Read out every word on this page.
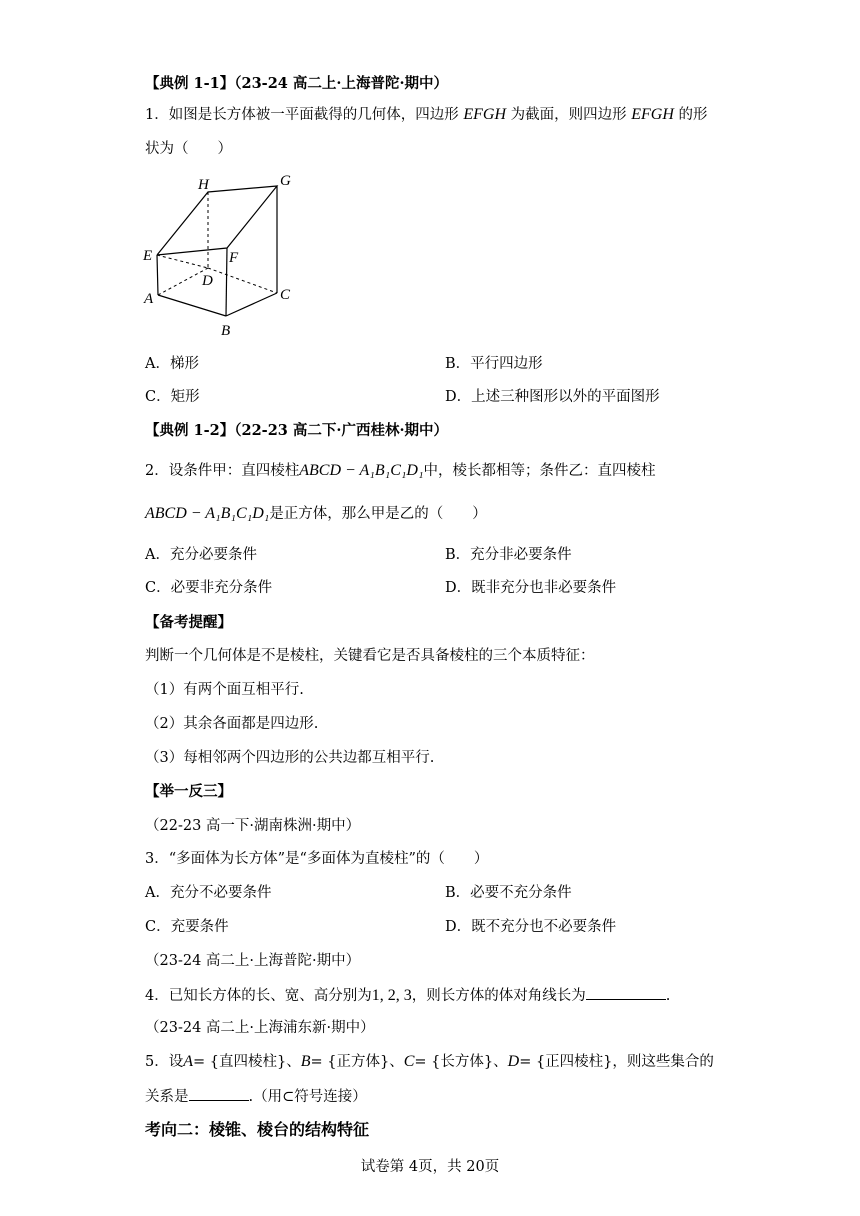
【典例 1-1】（23-24 高二上·上海普陀·期中）
1．如图是长方体被一平面截得的几何体，四边形 EFGH 为截面，则四边形 EFGH 的形
状为（　　）
H	G
E	F
D
A	C
B
A．梯形	B．平行四边形
C．矩形	D．上述三种图形以外的平面图形
【典例 1-2】（22-23 高二下·广西桂林·期中）
2．设条件甲：直四棱柱ABCD − A₁B₁C₁D₁中，棱长都相等；条件乙：直四棱柱
ABCD − A₁B₁C₁D₁是正方体，那么甲是乙的（　　）
A．充分必要条件	B．充分非必要条件
C．必要非充分条件	D．既非充分也非必要条件
【备考提醒】
判断一个几何体是不是棱柱，关键看它是否具备棱柱的三个本质特征：
（1）有两个面互相平行.
（2）其余各面都是四边形.
（3）每相邻两个四边形的公共边都互相平行.
【举一反三】
（22-23 高一下·湖南株洲·期中）
3．“多面体为长方体”是“多面体为直棱柱”的（　　）
A．充分不必要条件	B．必要不充分条件
C．充要条件	D．既不充分也不必要条件
（23-24 高二上·上海普陀·期中）
4．已知长方体的长、宽、高分别为1, 2, 3，则长方体的体对角线长为	.
（23-24 高二上·上海浦东新·期中）
5．设A= {直四棱柱}、B= {正方体}、C= {长方体}、D= {正四棱柱}，则这些集合的
关系是	.（用⊂符号连接）
考向二：棱锥、棱台的结构特征
试卷第 4页，共 20页
